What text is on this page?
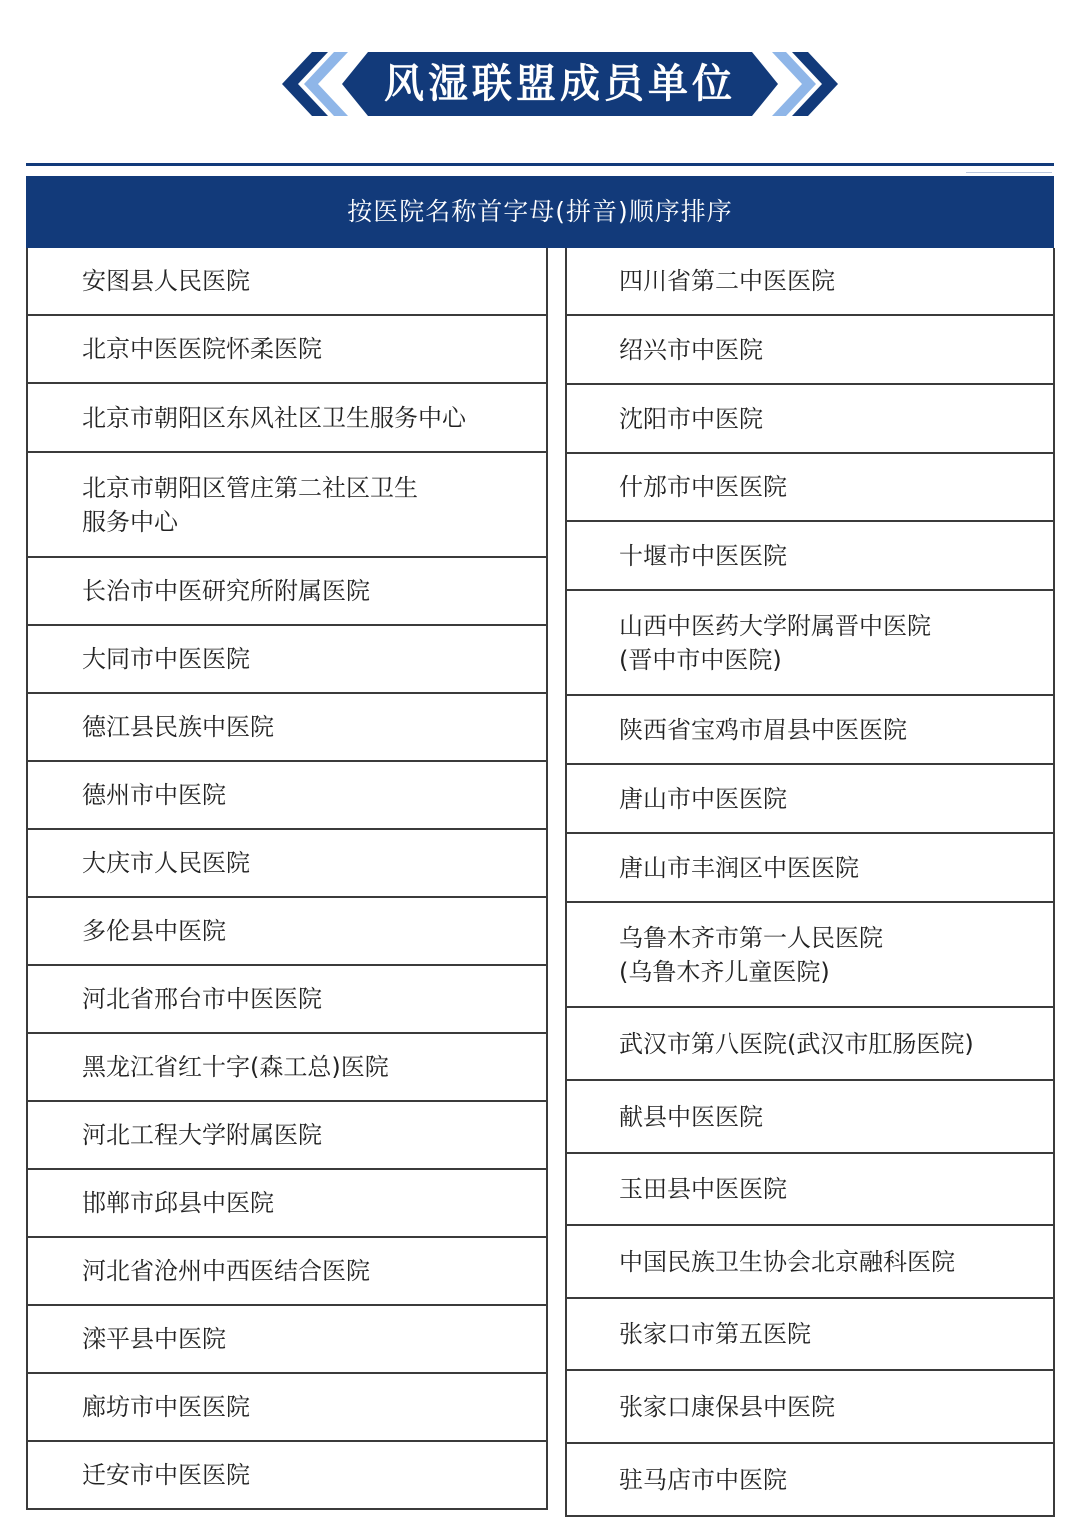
风湿联盟成员单位
按医院名称首字母(拼音)顺序排序
安图县人民医院
北京中医医院怀柔医院
北京市朝阳区东风社区卫生服务中心
北京市朝阳区管庄第二社区卫生
服务中心
长治市中医研究所附属医院
大同市中医医院
德江县民族中医院
德州市中医院
大庆市人民医院
多伦县中医院
河北省邢台市中医医院
黑龙江省红十字(森工总)医院
河北工程大学附属医院
邯郸市邱县中医院
河北省沧州中西医结合医院
滦平县中医院
廊坊市中医医院
迁安市中医医院
四川省第二中医医院
绍兴市中医院
沈阳市中医院
什邡市中医医院
十堰市中医医院
山西中医药大学附属晋中医院
(晋中市中医院)
陕西省宝鸡市眉县中医医院
唐山市中医医院
唐山市丰润区中医医院
乌鲁木齐市第一人民医院
(乌鲁木齐儿童医院)
武汉市第八医院(武汉市肛肠医院)
献县中医医院
玉田县中医医院
中国民族卫生协会北京融科医院
张家口市第五医院
张家口康保县中医院
驻马店市中医院
